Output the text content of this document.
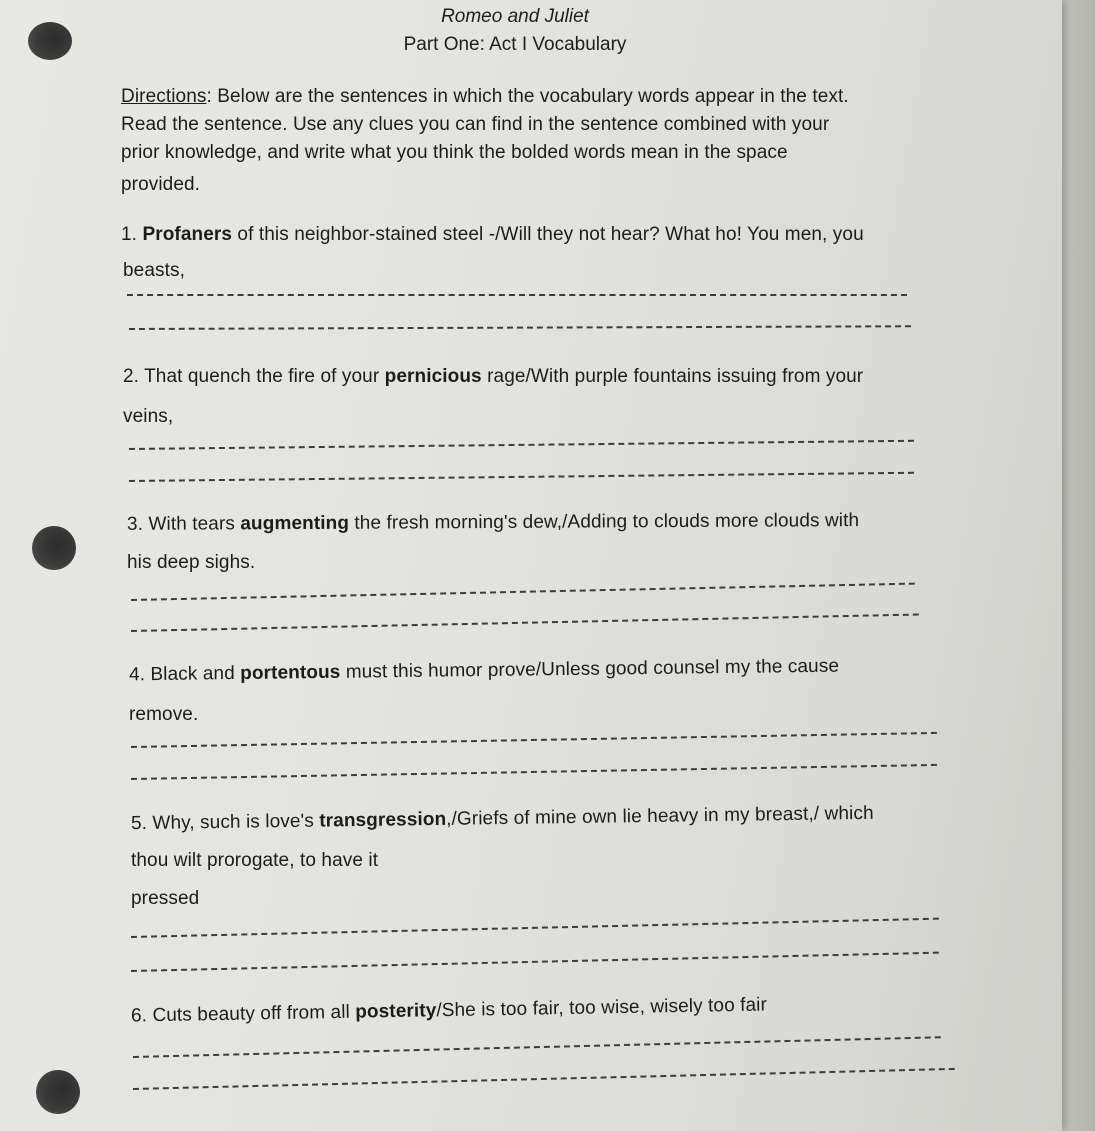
Romeo and Juliet
Part One: Act I Vocabulary
Directions: Below are the sentences in which the vocabulary words appear in the text.
Read the sentence. Use any clues you can find in the sentence combined with your
prior knowledge, and write what you think the bolded words mean in the space
provided.
1. Profaners of this neighbor-stained steel -/Will they not hear? What ho! You men, you
beasts,
2. That quench the fire of your pernicious rage/With purple fountains issuing from your
veins,
3. With tears augmenting the fresh morning's dew,/Adding to clouds more clouds with
his deep sighs.
4. Black and portentous must this humor prove/Unless good counsel my the cause
remove.
5. Why, such is love's transgression,/Griefs of mine own lie heavy in my breast,/ which
thou wilt prorogate, to have it
pressed
6. Cuts beauty off from all posterity/She is too fair, too wise, wisely too fair
